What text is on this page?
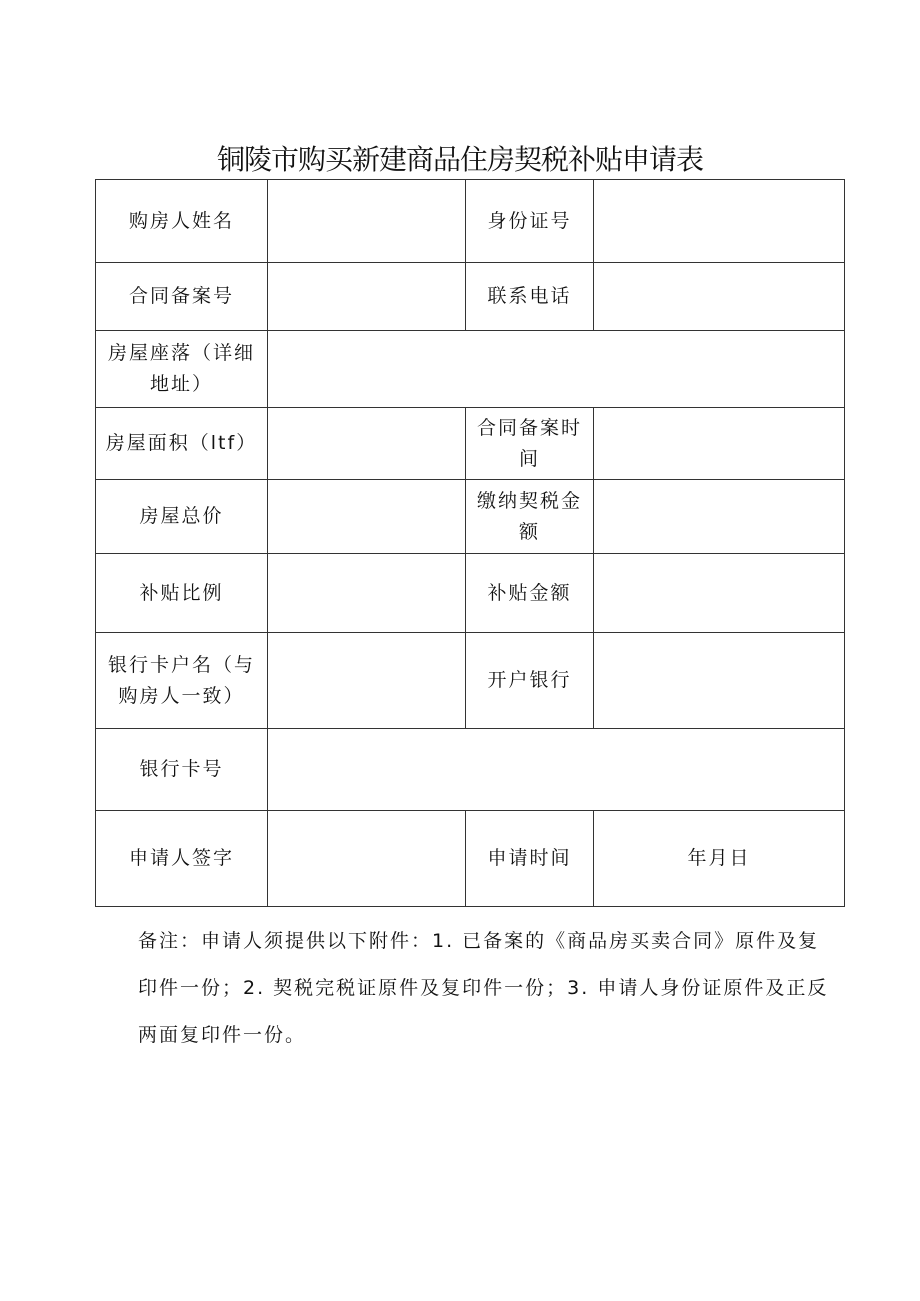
铜陵市购买新建商品住房契税补贴申请表
购房人姓名		身份证号	
合同备案号		联系电话	
房屋座落（详细地址）			
房屋面积（ltf）		合同备案时间	
房屋总价		缴纳契税金额	
补贴比例		补贴金额	
银行卡户名（与购房人一致）		开户银行	
银行卡号			
申请人签字		申请时间	年月日
备注：申请人须提供以下附件：1. 已备案的《商品房买卖合同》原件及复印件一份；2. 契税完税证原件及复印件一份；3. 申请人身份证原件及正反两面复印件一份。
